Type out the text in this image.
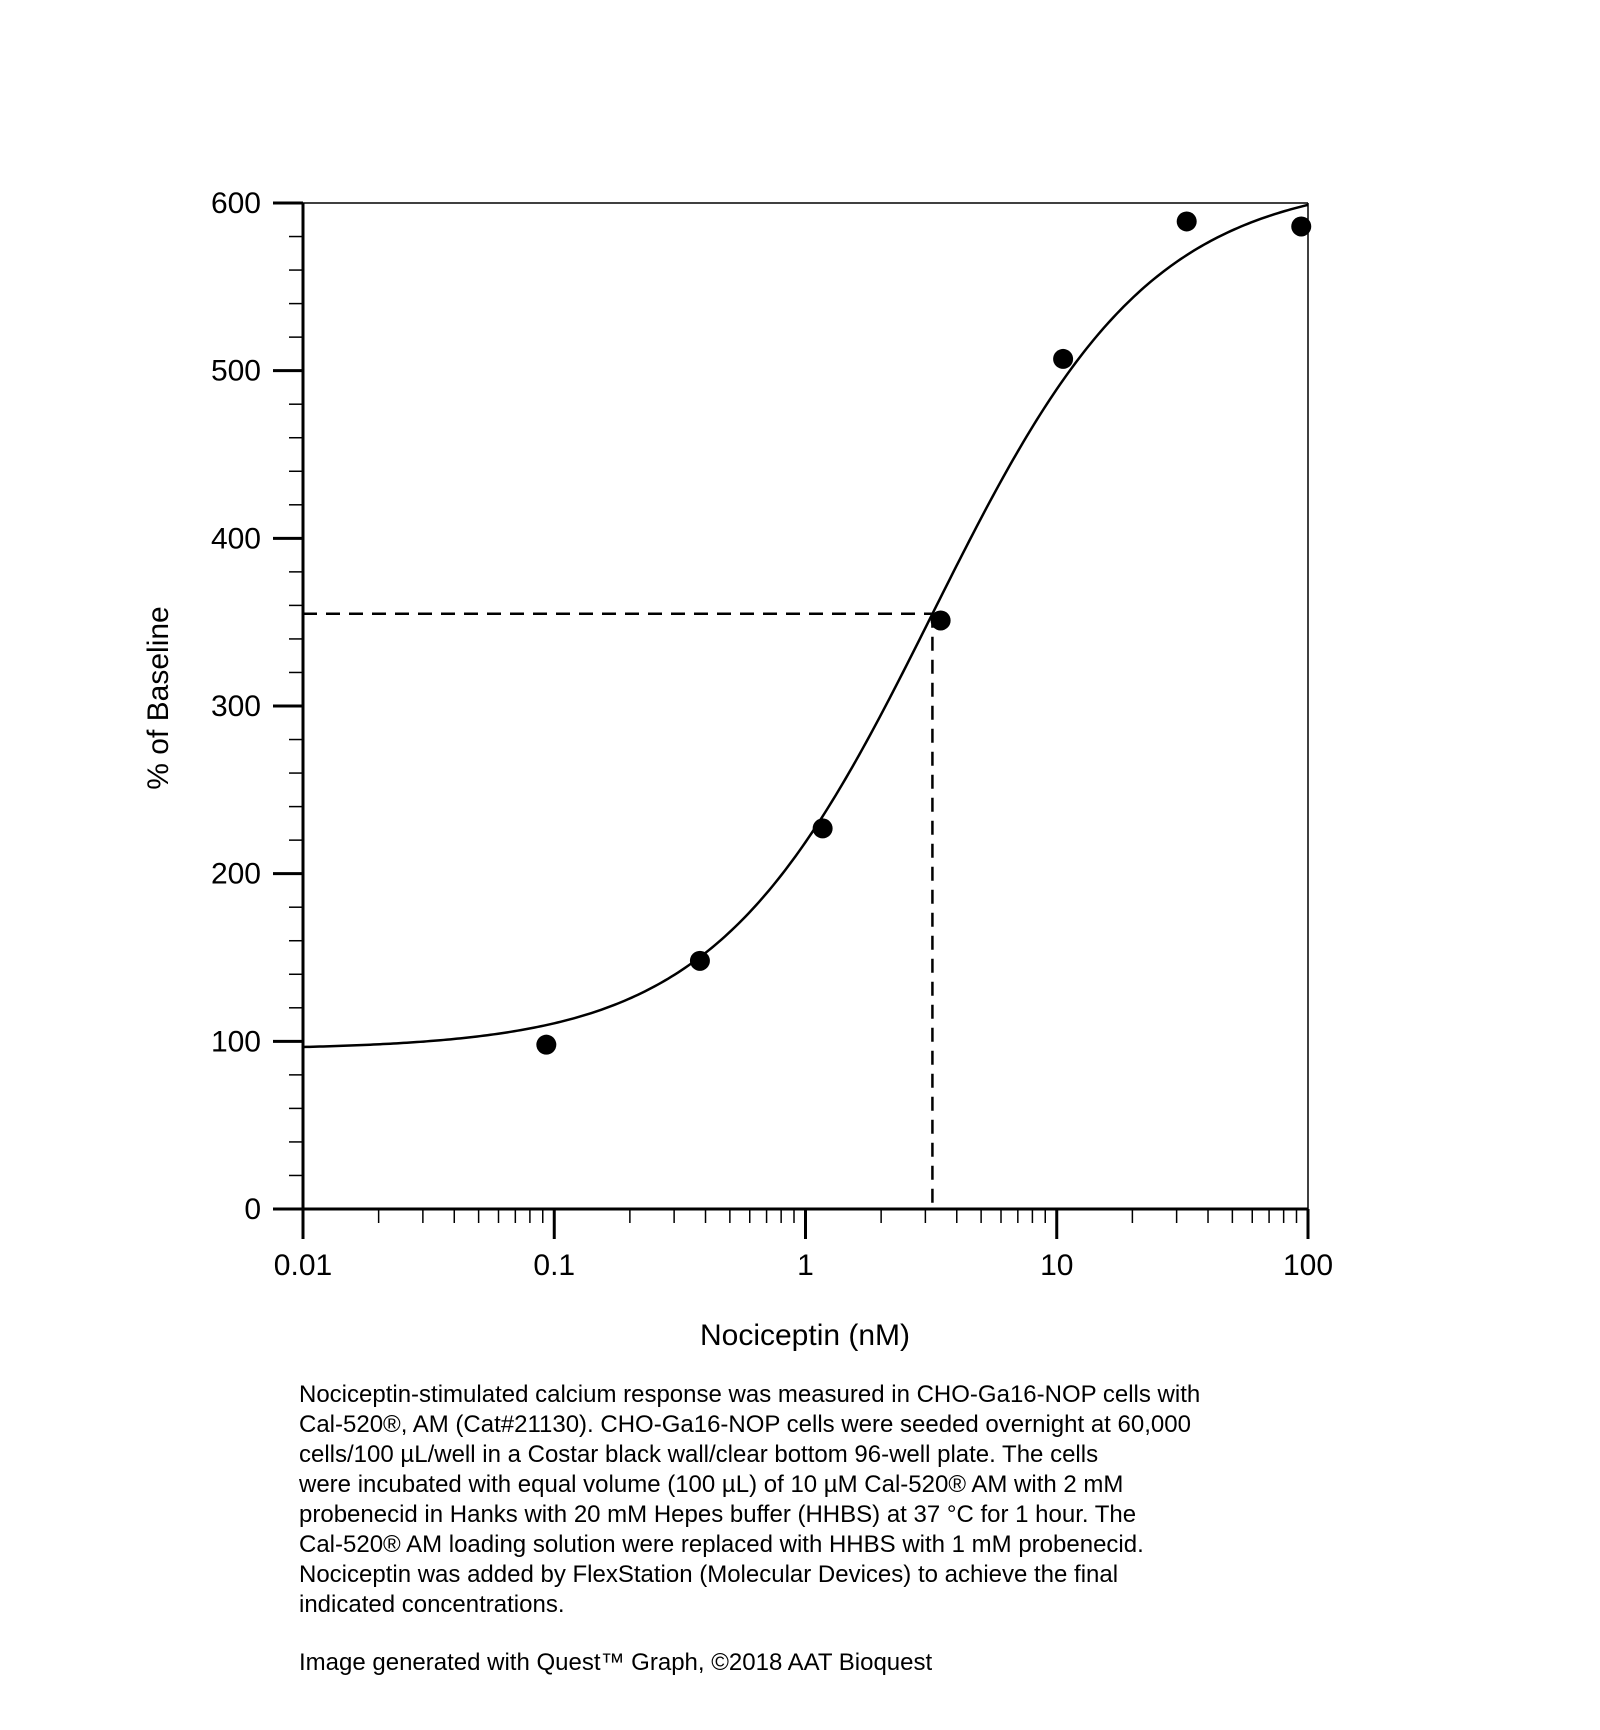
0
100
200
300
400
500
600
0.01	0.1	1	10	100
% of Baseline
Nociceptin (nM)

Nociceptin-stimulated calcium response was measured in CHO-Ga16-NOP cells with

Cal-520®, AM (Cat#21130). CHO-Ga16-NOP cells were seeded overnight at 60,000

cells/100 µL/well in a Costar black wall/clear bottom 96-well plate. The cells

were incubated with equal volume (100 µL) of 10 µM Cal-520® AM with 2 mM

probenecid in Hanks with 20 mM Hepes buffer (HHBS) at 37 °C for 1 hour. The

Cal-520® AM loading solution were replaced with HHBS with 1 mM probenecid.

Nociceptin was added by FlexStation (Molecular Devices) to achieve the final

indicated concentrations.

Image generated with Quest™ Graph, ©2018 AAT Bioquest
